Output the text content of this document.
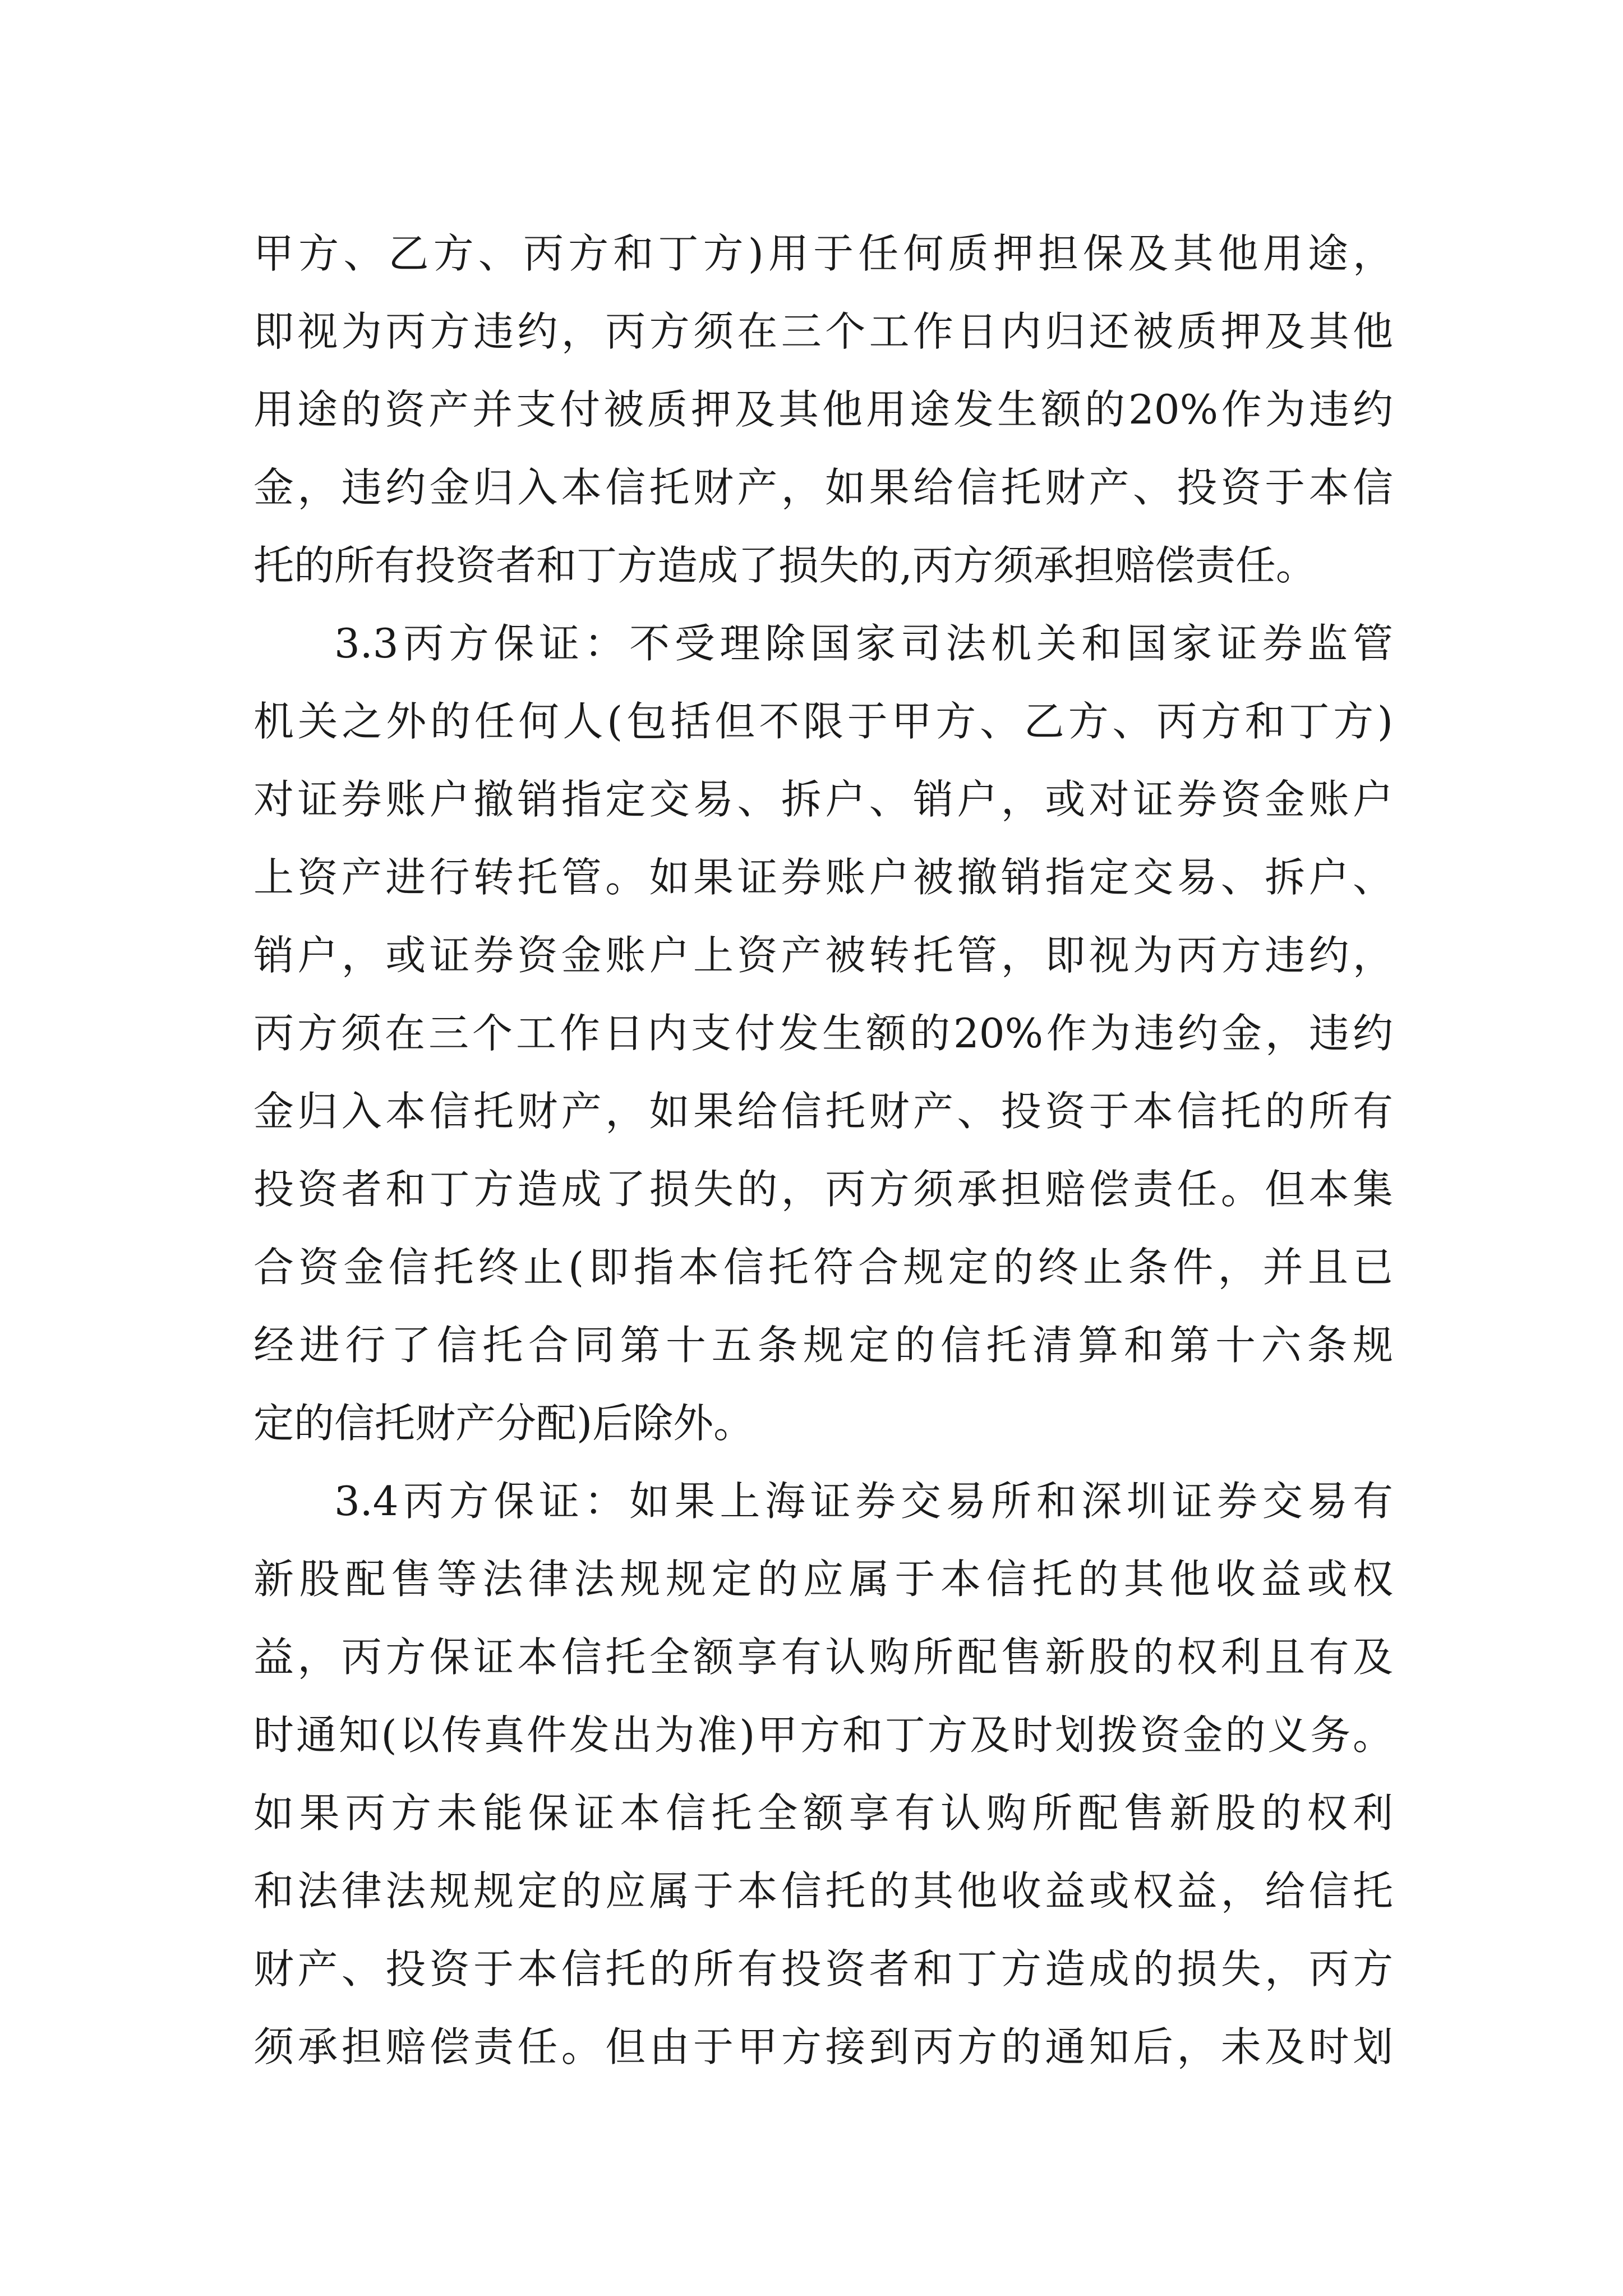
甲方、乙方、丙方和丁方)用于任何质押担保及其他用途，
即视为丙方违约，丙方须在三个工作日内归还被质押及其他
用途的资产并支付被质押及其他用途发生额的20%作为违约
金，违约金归入本信托财产，如果给信托财产、投资于本信
托的所有投资者和丁方造成了损失的,丙方须承担赔偿责任。
3.3丙方保证：不受理除国家司法机关和国家证券监管
机关之外的任何人(包括但不限于甲方、乙方、丙方和丁方)
对证券账户撤销指定交易、拆户、销户，或对证券资金账户
上资产进行转托管。如果证券账户被撤销指定交易、拆户、
销户，或证券资金账户上资产被转托管，即视为丙方违约，
丙方须在三个工作日内支付发生额的20%作为违约金，违约
金归入本信托财产，如果给信托财产、投资于本信托的所有
投资者和丁方造成了损失的，丙方须承担赔偿责任。但本集
合资金信托终止(即指本信托符合规定的终止条件，并且已
经进行了信托合同第十五条规定的信托清算和第十六条规
定的信托财产分配)后除外。
3.4丙方保证：如果上海证券交易所和深圳证券交易有
新股配售等法律法规规定的应属于本信托的其他收益或权
益，丙方保证本信托全额享有认购所配售新股的权利且有及
时通知(以传真件发出为准)甲方和丁方及时划拨资金的义务。
如果丙方未能保证本信托全额享有认购所配售新股的权利
和法律法规规定的应属于本信托的其他收益或权益，给信托
财产、投资于本信托的所有投资者和丁方造成的损失，丙方
须承担赔偿责任。但由于甲方接到丙方的通知后，未及时划
